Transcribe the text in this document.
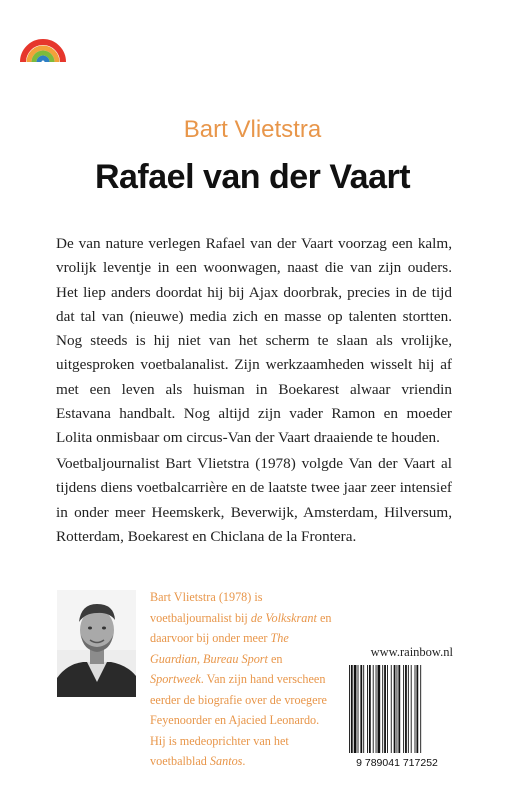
Bart Vlietstra
Rafael van der Vaart

De van nature verlegen Rafael van der Vaart voorzag een kalm, vrolijk leventje in een woonwagen, naast die van zijn ouders. Het liep anders doordat hij bij Ajax doorbrak, precies in de tijd dat tal van (nieuwe) media zich en masse op talenten stortten. Nog steeds is hij niet van het scherm te slaan als vrolijke, uitgesproken voetbalanalist. Zijn werkzaamheden wisselt hij af met een leven als huisman in Boekarest alwaar vriendin Estavana handbalt. Nog altijd zijn vader Ramon en moeder Lolita onmisbaar om circus-Van der Vaart draaiende te houden.

Voetbaljournalist Bart Vlietstra (1978) volgde Van der Vaart al tijdens diens voetbalcarrière en de laatste twee jaar zeer intensief in onder meer Heemskerk, Beverwijk, Amsterdam, Hilversum, Rotterdam, Boekarest en Chiclana de la Frontera.

Bart Vlietstra (1978) is voetbaljournalist bij de Volkskrant en daarvoor bij onder meer The Guardian, Bureau Sport en Sportweek. Van zijn hand verscheen eerder de biografie over de vroegere Feyenoorder en Ajacied Leonardo. Hij is medeoprichter van het voetbalblad Santos.
www.rainbow.nl
9 789041 717252
